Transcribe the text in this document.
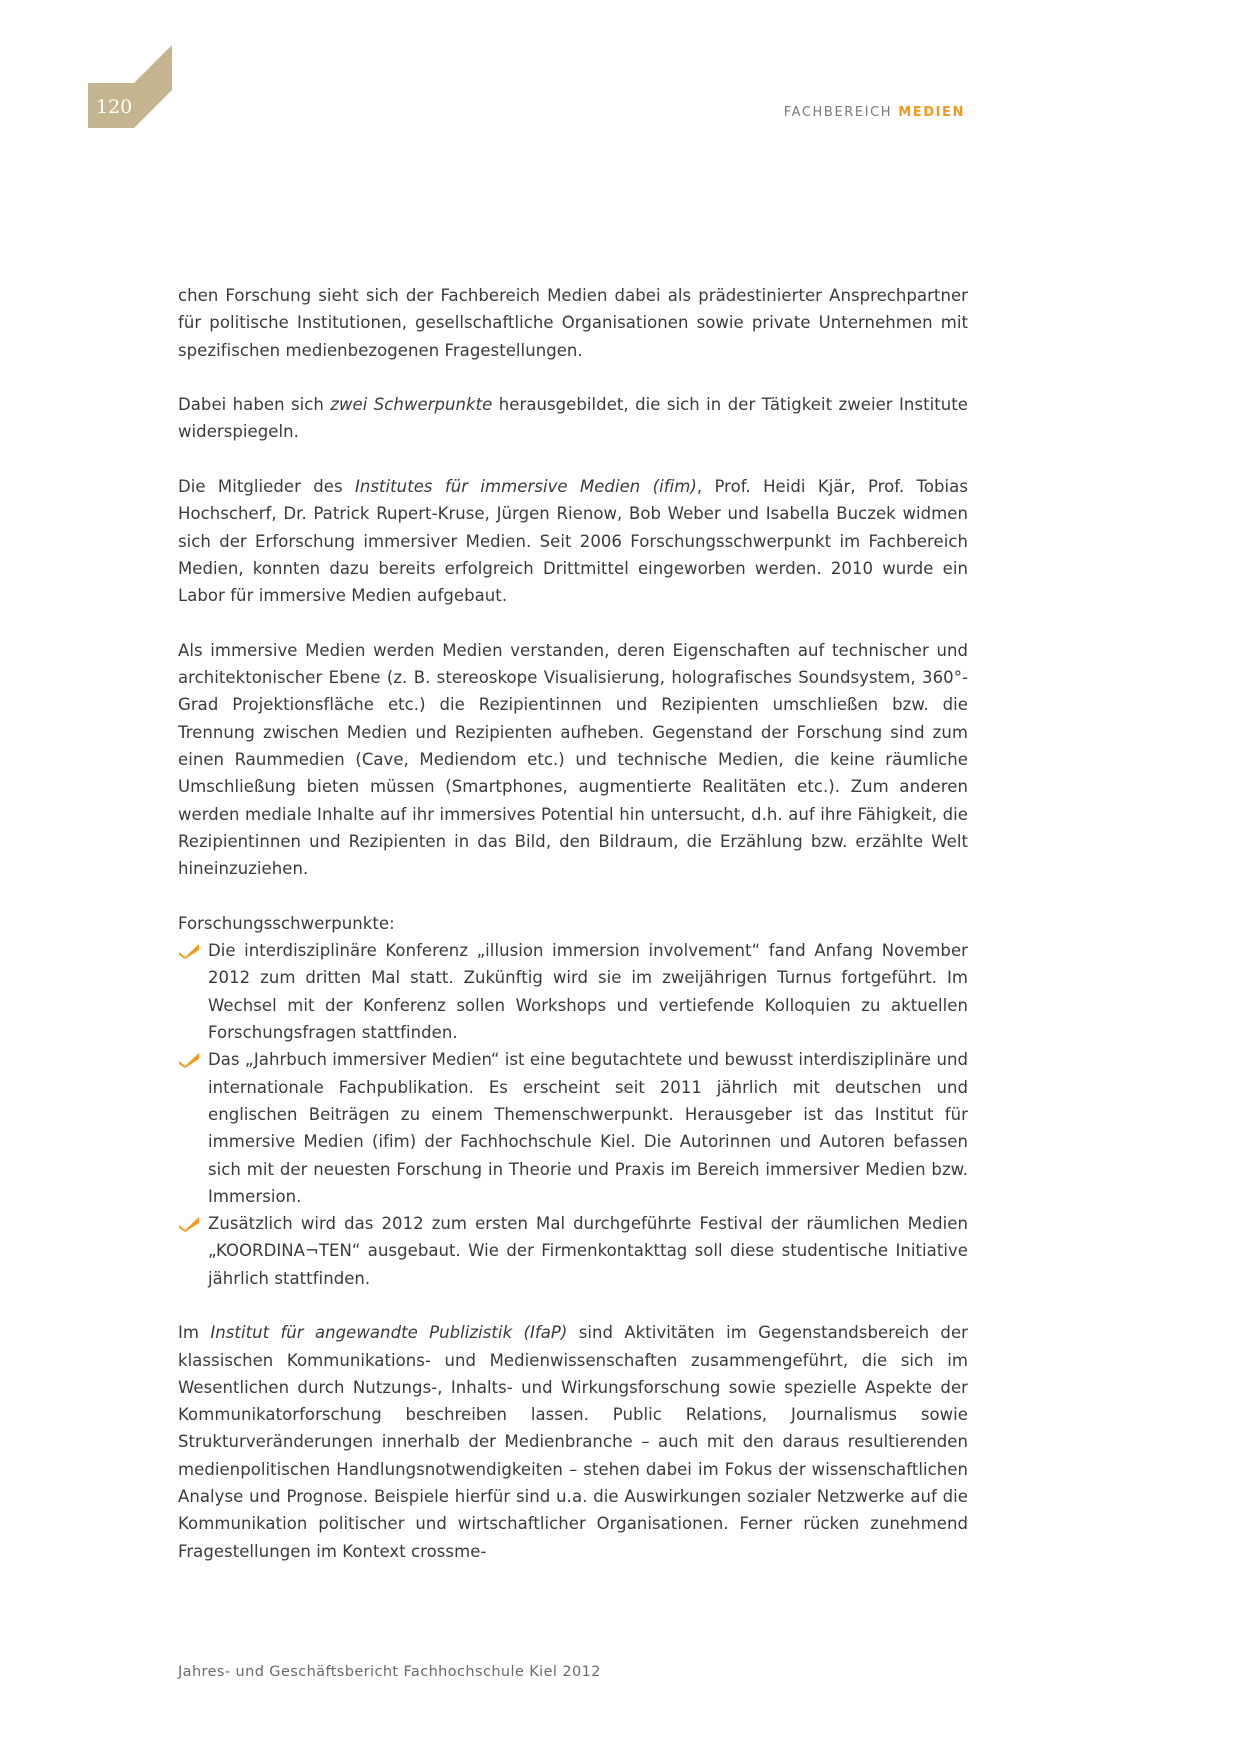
120	FACHBEREICH MEDIEN

chen Forschung sieht sich der Fachbereich Medien dabei als prädestinierter Ansprechpartner für politische Institutionen, gesellschaftliche Organisationen sowie private Unternehmen mit spezifischen medienbezogenen Fragestellungen.

Dabei haben sich zwei Schwerpunkte herausgebildet, die sich in der Tätigkeit zweier Institute widerspiegeln.

Die Mitglieder des Institutes für immersive Medien (ifim), Prof. Heidi Kjär, Prof. Tobias Hochscherf, Dr. Patrick Rupert-Kruse, Jürgen Rienow, Bob Weber und Isabella Buczek widmen sich der Erforschung immersiver Medien. Seit 2006 Forschungsschwerpunkt im Fachbereich Medien, konnten dazu bereits erfolgreich Drittmittel eingeworben werden. 2010 wurde ein Labor für immersive Medien aufgebaut.

Als immersive Medien werden Medien verstanden, deren Eigenschaften auf technischer und architektonischer Ebene (z. B. stereoskope Visualisierung, holografisches Soundsystem, 360°-Grad Projektionsfläche etc.) die Rezipientinnen und Rezipienten umschließen bzw. die Trennung zwischen Medien und Rezipienten aufheben. Gegenstand der Forschung sind zum einen Raummedien (Cave, Mediendom etc.) und technische Medien, die keine räumliche Umschließung bieten müssen (Smartphones, augmentierte Realitäten etc.). Zum anderen werden mediale Inhalte auf ihr immersives Potential hin untersucht, d.h. auf ihre Fähigkeit, die Rezipientinnen und Rezipienten in das Bild, den Bildraum, die Erzählung bzw. erzählte Welt hineinzuziehen.

Forschungsschwerpunkte:

Die interdisziplinäre Konferenz „illusion immersion involvement“ fand Anfang November 2012 zum dritten Mal statt. Zukünftig wird sie im zweijährigen Turnus fortgeführt. Im Wechsel mit der Konferenz sollen Workshops und vertiefende Kolloquien zu aktuellen Forschungsfragen stattfinden.
Das „Jahrbuch immersiver Medien“ ist eine begutachtete und bewusst interdisziplinäre und internationale Fachpublikation. Es erscheint seit 2011 jährlich mit deutschen und englischen Beiträgen zu einem Themenschwerpunkt. Herausgeber ist das Institut für immersive Medien (ifim) der Fachhochschule Kiel. Die Autorinnen und Autoren befassen sich mit der neuesten Forschung in Theorie und Praxis im Bereich immersiver Medien bzw. Immersion.
Zusätzlich wird das 2012 zum ersten Mal durchgeführte Festival der räumlichen Medien „KOORDINA¬TEN“ ausgebaut. Wie der Firmenkontakttag soll diese studentische Initiative jährlich stattfinden.

Im Institut für angewandte Publizistik (IfaP) sind Aktivitäten im Gegenstandsbereich der klassischen Kommunikations- und Medienwissenschaften zusammengeführt, die sich im Wesentlichen durch Nutzungs-, Inhalts- und Wirkungsforschung sowie spezielle Aspekte der Kommunikatorforschung beschreiben lassen. Public Relations, Journalismus sowie Strukturveränderungen innerhalb der Medienbranche – auch mit den daraus resultierenden medienpolitischen Handlungsnotwendigkeiten – stehen dabei im Fokus der wissenschaftlichen Analyse und Prognose. Beispiele hierfür sind u.a. die Auswirkungen sozialer Netzwerke auf die Kommunikation politischer und wirtschaftlicher Organisationen. Ferner rücken zunehmend Fragestellungen im Kontext crossme-

Jahres- und Geschäftsbericht Fachhochschule Kiel 2012
